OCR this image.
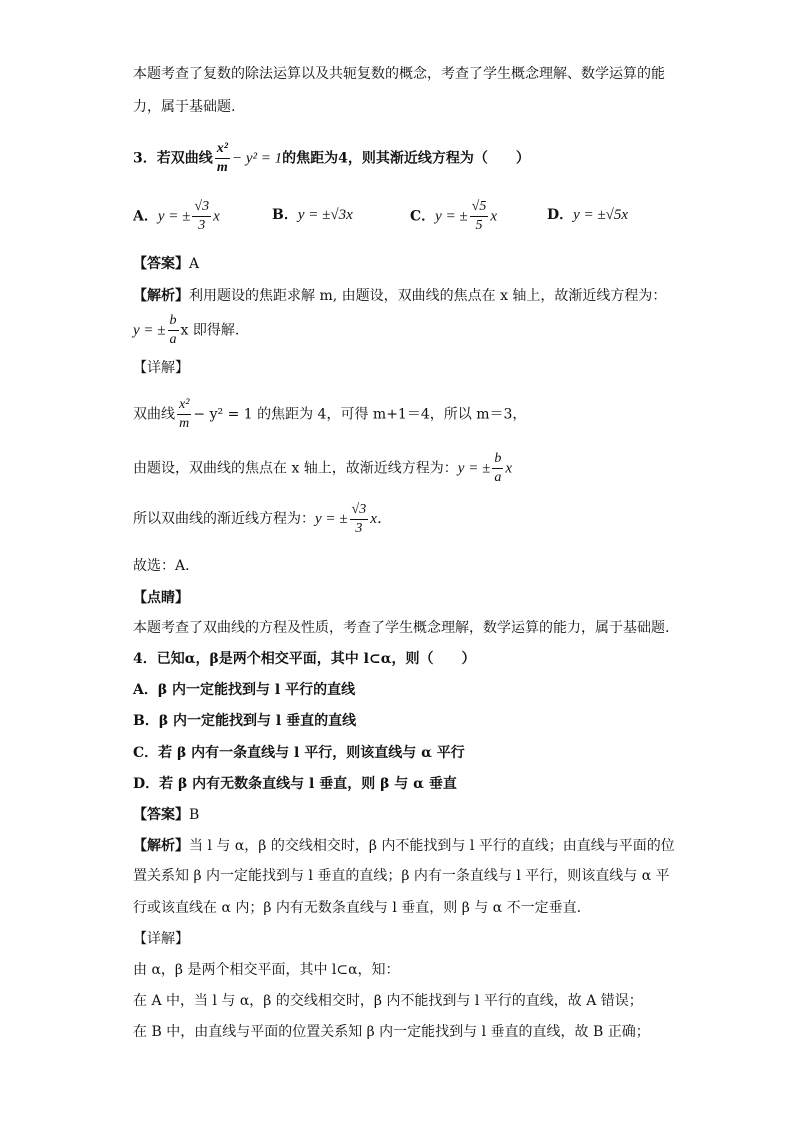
本题考查了复数的除法运算以及共轭复数的概念，考查了学生概念理解、数学运算的能
力，属于基础题.
3．若双曲线 $\frac{\text{x²}}{m} - y^2 = 1$的焦距为4，则其渐近线方程为（　　）
A．y = ± $\frac{√3}{3}$ x	B．y = ±√3x	C．y = ± $\frac{√5}{5}$ x	D．y = ±√5x
【答案】A
【解析】利用题设的焦距求解 m, 由题设，双曲线的焦点在 x 轴上，故渐近线方程为：
y = ± $\frac{b}{a}$ x 即得解.
【详解】
双曲线 $\frac{\text{x²}}{m} - y^2 = 1$ 的焦距为 4，可得 m+1＝4，所以 m＝3，
由题设，双曲线的焦点在 x 轴上，故渐近线方程为：y = ± $\frac{b}{a}$ x
所以双曲线的渐近线方程为：y = ± $\frac{√3}{3}$ x．
故选：A．
【点睛】
本题考查了双曲线的方程及性质，考查了学生概念理解，数学运算的能力，属于基础题.
4．已知α，β是两个相交平面，其中 l⊂α，则（　　）
A．β 内一定能找到与 l 平行的直线
B．β 内一定能找到与 l 垂直的直线
C．若 β 内有一条直线与 l 平行，则该直线与 α 平行
D．若 β 内有无数条直线与 l 垂直，则 β 与 α 垂直
【答案】B
【解析】当 l 与 α，β 的交线相交时，β 内不能找到与 l 平行的直线；由直线与平面的位
置关系知 β 内一定能找到与 l 垂直的直线；β 内有一条直线与 l 平行，则该直线与 α 平
行或该直线在 α 内；β 内有无数条直线与 l 垂直，则 β 与 α 不一定垂直.
【详解】
由 α，β 是两个相交平面，其中 l⊂α，知：
在 A 中，当 l 与 α，β 的交线相交时，β 内不能找到与 l 平行的直线，故 A 错误；
在 B 中，由直线与平面的位置关系知 β 内一定能找到与 l 垂直的直线，故 B 正确；
